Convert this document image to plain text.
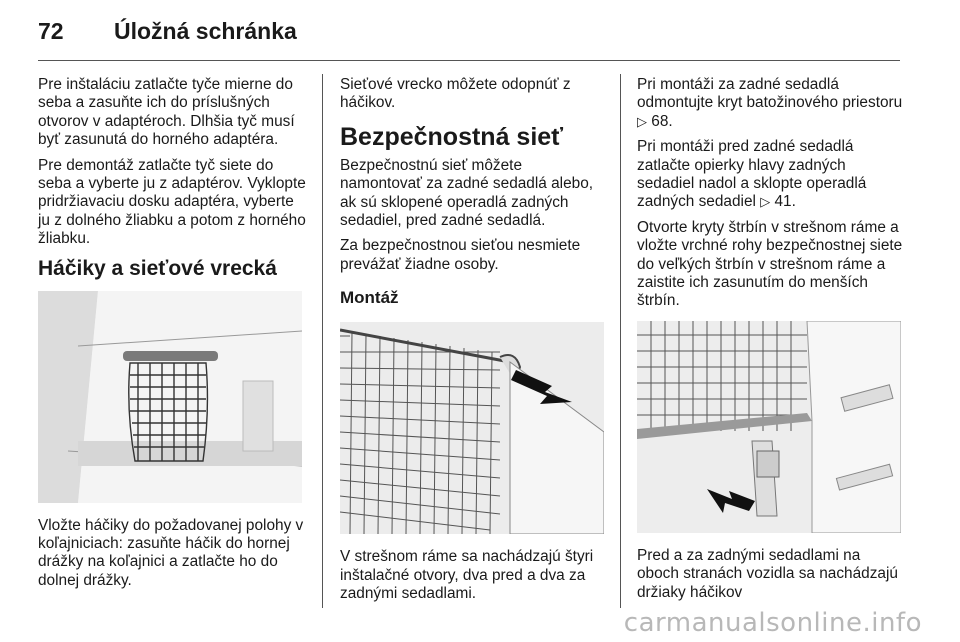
72	Úložná schránka

Pre inštaláciu zatlačte tyče mierne do seba a zasuňte ich do príslušných otvorov v adaptéroch. Dlhšia tyč musí byť zasunutá do horného adaptéra.

Pre demontáž zatlačte tyč siete do seba a vyberte ju z adaptérov. Vyklopte pridržiavaciu dosku adaptéra, vyberte ju z dolného žliabku a potom z horného žliabku.

Háčiky a sieťové vrecká

Vložte háčiky do požadovanej polohy v koľajniciach: zasuňte háčik do hornej drážky na koľajnici a zatlačte ho do dolnej drážky.

Sieťové vrecko môžete odopnúť z háčikov.

Bezpečnostná sieť

Bezpečnostnú sieť môžete namontovať za zadné sedadlá alebo, ak sú sklopené operadlá zadných sedadiel, pred zadné sedadlá.

Za bezpečnostnou sieťou nesmiete prevážať žiadne osoby.

Montáž

V strešnom ráme sa nachádzajú štyri inštalačné otvory, dva pred a dva za zadnými sedadlami.

Pri montáži za zadné sedadlá odmontujte kryt batožinového priestoru ▷ 68.

Pri montáži pred zadné sedadlá zatlačte opierky hlavy zadných sedadiel nadol a sklopte operadlá zadných sedadiel ▷ 41.

Otvorte kryty štrbín v strešnom ráme a vložte vrchné rohy bezpečnostnej siete do veľkých štrbín v strešnom ráme a zaistite ich zasunutím do menších štrbín.

Pred a za zadnými sedadlami na oboch stranách vozidla sa nachádzajú držiaky háčikov

carmanualsonline.info
